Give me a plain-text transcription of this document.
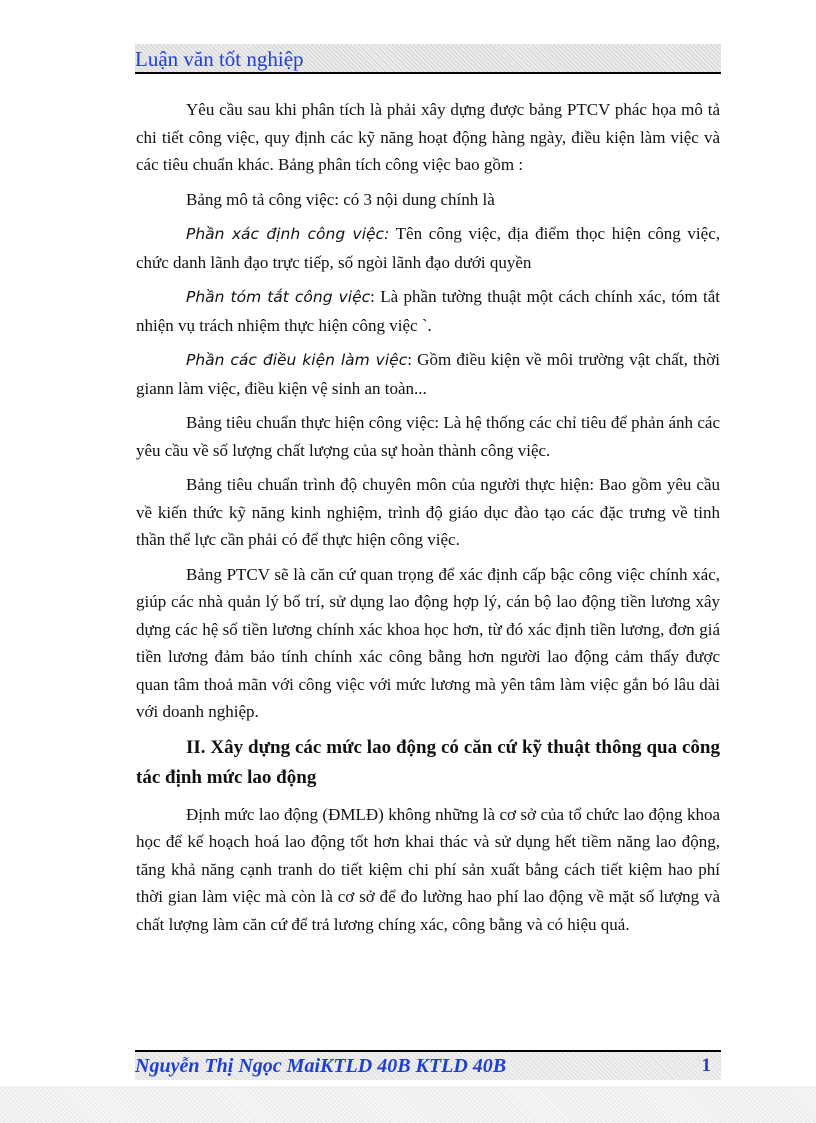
Luận văn tốt nghiệp

Yêu cầu sau khi phân tích là phải xây dựng được bảng PTCV phác họa mô tả chi tiết công việc, quy định các kỹ năng hoạt động hàng ngày, điều kiện làm việc và các tiêu chuẩn khác. Bảng phân tích công việc bao gồm :

Bảng mô tả công việc: có 3 nội dung chính là

Phần xác định công việc: Tên công việc, địa điểm thọc hiện công việc, chức danh lãnh đạo trực tiếp, số ngòi lãnh đạo dưới quyền

Phần tóm tắt công việc: Là phần tường thuật một cách chính xác, tóm tắt nhiện vụ trách nhiệm thực hiện công việc `.

Phần các điều kiện làm việc: Gồm điều kiện về môi trường vật chất, thời giann làm việc, điều kiện vệ sinh an toàn...

Bảng tiêu chuẩn thực hiện công việc: Là hệ thống các chỉ tiêu để phản ánh các yêu cầu về số lượng chất lượng của sự hoàn thành công việc.

Bảng tiêu chuẩn trình độ chuyên môn của người thực hiện: Bao gồm yêu cầu về kiến thức kỹ năng kinh nghiệm, trình độ giáo dục đào tạo các đặc trưng về tinh thần thể lực cần phải có để thực hiện công việc.

Bảng PTCV sẽ là căn cứ quan trọng để xác định cấp bậc công việc chính xác, giúp các nhà quản lý bố trí, sử dụng lao động hợp lý, cán bộ lao động tiền lương xây dựng các hệ số tiền lương chính xác khoa học hơn, từ đó xác định tiền lương, đơn giá tiền lương đảm bảo tính chính xác công bằng hơn người lao động cảm thấy được quan tâm thoả mãn với công việc với mức lương mà yên tâm làm việc gắn bó lâu dài với doanh nghiệp.

II. Xây dựng các mức lao động có căn cứ kỹ thuật thông qua công tác định mức lao động

Định mức lao động (ĐMLĐ) không những là cơ sở của tổ chức lao động khoa học để kế hoạch hoá lao động tốt hơn khai thác và sử dụng hết tiềm năng lao động, tăng khả năng cạnh tranh do tiết kiệm chi phí sản xuất bằng cách tiết kiệm hao phí thời gian làm việc mà còn là cơ sở để đo lường hao phí lao động về mặt số lượng và chất lượng làm căn cứ để trả lương chíng xác, công bằng và có hiệu quả.

Nguyễn Thị Ngọc MaiKTLD 40B KTLD 40B	1
